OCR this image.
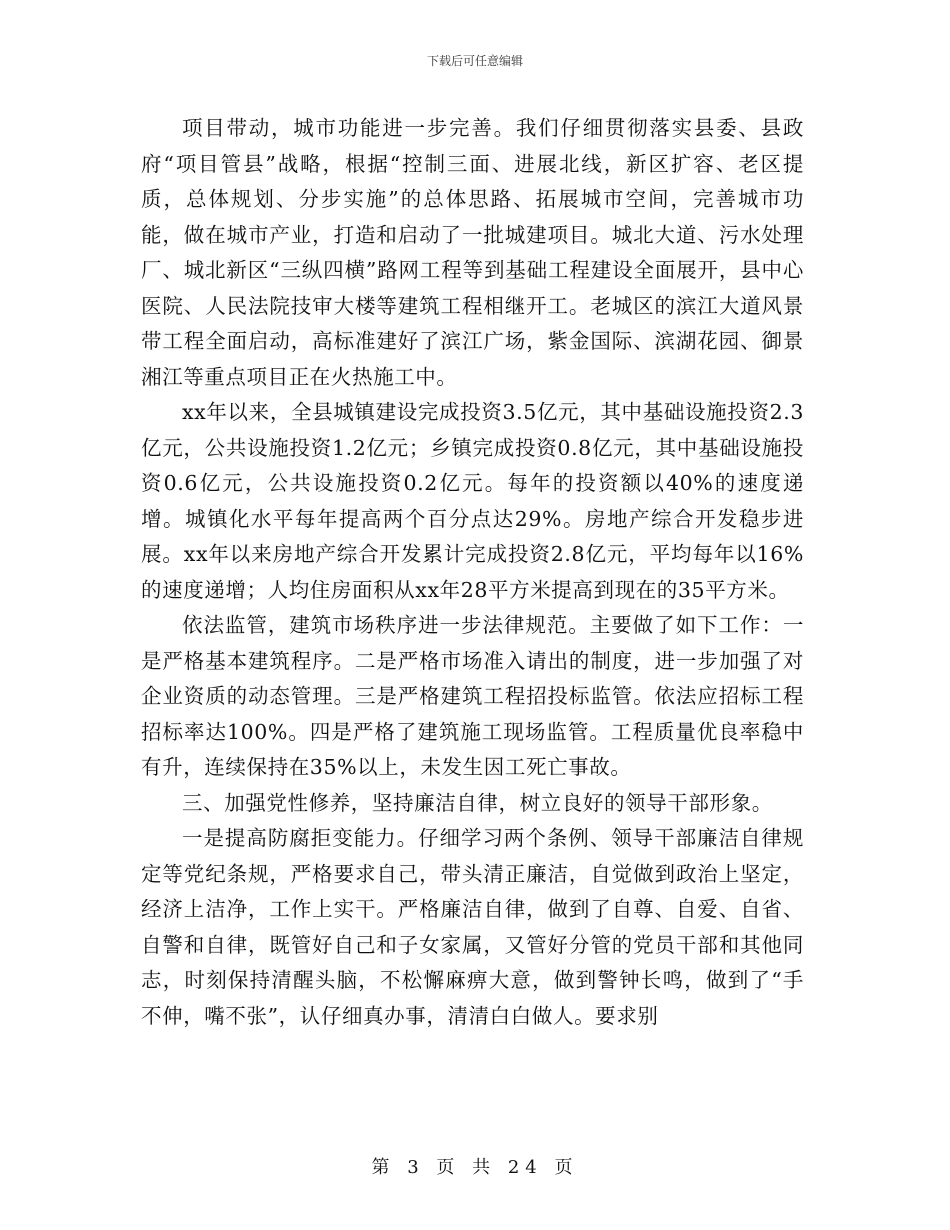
下载后可任意编辑

项目带动，城市功能进一步完善。我们仔细贯彻落实县委、县政府“项目管县”战略，根据“控制三面、进展北线，新区扩容、老区提质，总体规划、分步实施”的总体思路、拓展城市空间，完善城市功能，做在城市产业，打造和启动了一批城建项目。城北大道、污水处理厂、城北新区“三纵四横”路网工程等到基础工程建设全面展开，县中心医院、人民法院技审大楼等建筑工程相继开工。老城区的滨江大道风景带工程全面启动，高标准建好了滨江广场，紫金国际、滨湖花园、御景湘江等重点项目正在火热施工中。

xx年以来，全县城镇建设完成投资3.5亿元，其中基础设施投资2.3亿元，公共设施投资1.2亿元；乡镇完成投资0.8亿元，其中基础设施投资0.6亿元，公共设施投资0.2亿元。每年的投资额以40%的速度递增。城镇化水平每年提高两个百分点达29%。房地产综合开发稳步进展。xx年以来房地产综合开发累计完成投资2.8亿元，平均每年以16%的速度递增；人均住房面积从xx年28平方米提高到现在的35平方米。

依法监管，建筑市场秩序进一步法律规范。主要做了如下工作：一是严格基本建筑程序。二是严格市场准入请出的制度，进一步加强了对企业资质的动态管理。三是严格建筑工程招投标监管。依法应招标工程招标率达100%。四是严格了建筑施工现场监管。工程质量优良率稳中有升，连续保持在35%以上，未发生因工死亡事故。

三、加强党性修养，坚持廉洁自律，树立良好的领导干部形象。

一是提高防腐拒变能力。仔细学习两个条例、领导干部廉洁自律规定等党纪条规，严格要求自己，带头清正廉洁，自觉做到政治上坚定，经济上洁净，工作上实干。严格廉洁自律，做到了自尊、自爱、自省、自警和自律，既管好自己和子女家属，又管好分管的党员干部和其他同志，时刻保持清醒头脑，不松懈麻痹大意，做到警钟长鸣，做到了“手不伸，嘴不张”，认仔细真办事，清清白白做人。要求别

第 3 页 共 24 页
